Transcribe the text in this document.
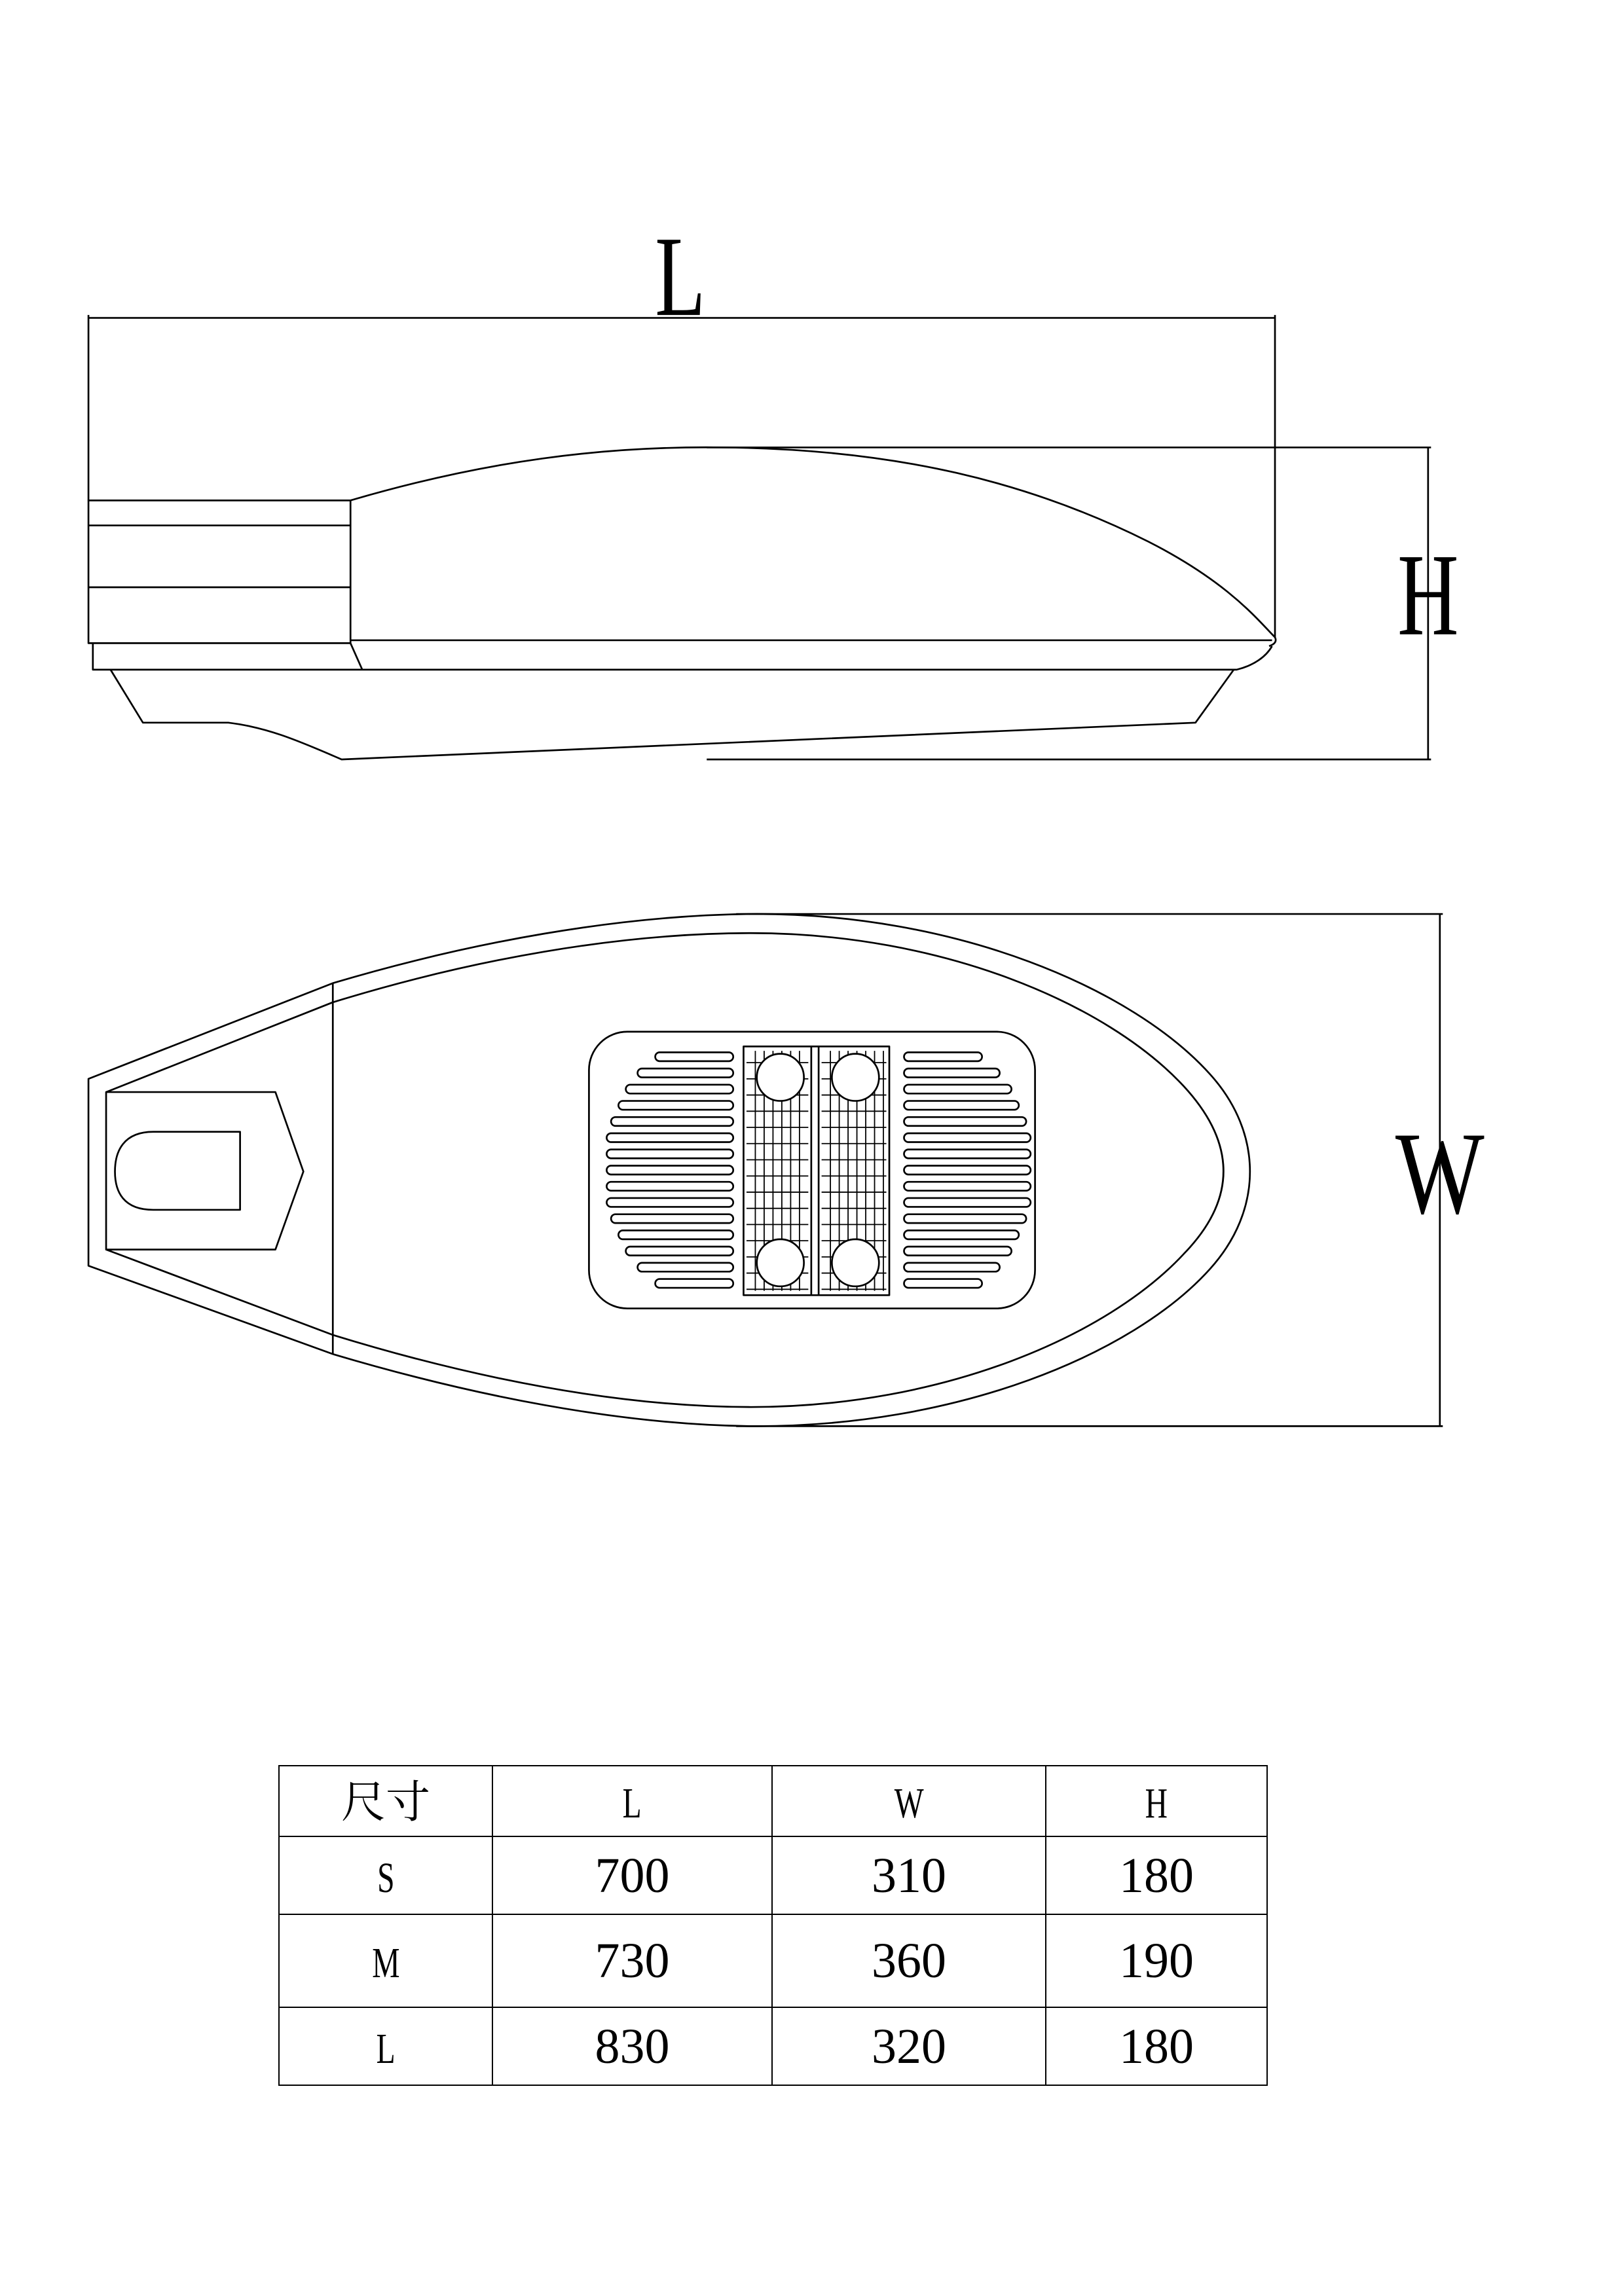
L
H
W
尺寸	L	W	H
S	700	310	180
M	730	360	190
L	830	320	180
